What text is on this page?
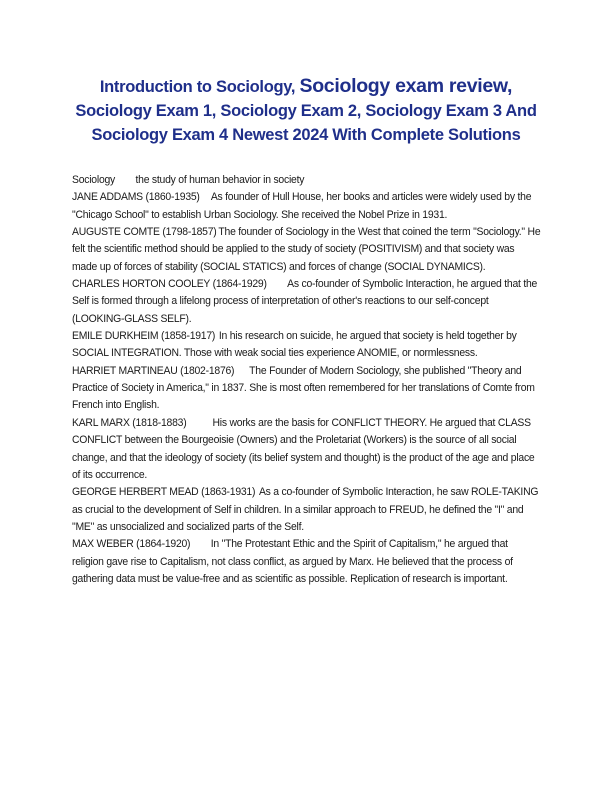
Introduction to Sociology, Sociology exam review, Sociology Exam 1, Sociology Exam 2, Sociology Exam 3 And Sociology Exam 4 Newest 2024 With Complete Solutions

Sociology the study of human behavior in society

JANE ADDAMS (1860-1935) As founder of Hull House, her books and articles were widely used by the "Chicago School" to establish Urban Sociology. She received the Nobel Prize in 1931.

AUGUSTE COMTE (1798-1857) The founder of Sociology in the West that coined the term "Sociology." He felt the scientific method should be applied to the study of society (POSITIVISM) and that society was made up of forces of stability (SOCIAL STATICS) and forces of change (SOCIAL DYNAMICS).

CHARLES HORTON COOLEY (1864-1929) As co-founder of Symbolic Interaction, he argued that the Self is formed through a lifelong process of interpretation of other's reactions to our self-concept (LOOKING-GLASS SELF).

EMILE DURKHEIM (1858-1917) In his research on suicide, he argued that society is held together by SOCIAL INTEGRATION. Those with weak social ties experience ANOMIE, or normlessness.

HARRIET MARTINEAU (1802-1876) The Founder of Modern Sociology, she published "Theory and Practice of Society in America," in 1837. She is most often remembered for her translations of Comte from French into English.

KARL MARX (1818-1883) His works are the basis for CONFLICT THEORY. He argued that CLASS CONFLICT between the Bourgeoisie (Owners) and the Proletariat (Workers) is the source of all social change, and that the ideology of society (its belief system and thought) is the product of the age and place of its occurrence.

GEORGE HERBERT MEAD (1863-1931) As a co-founder of Symbolic Interaction, he saw ROLE-TAKING as crucial to the development of Self in children. In a similar approach to FREUD, he defined the "I" and "ME" as unsocialized and socialized parts of the Self.

MAX WEBER (1864-1920) In "The Protestant Ethic and the Spirit of Capitalism," he argued that religion gave rise to Capitalism, not class conflict, as argued by Marx. He believed that the process of gathering data must be value-free and as scientific as possible. Replication of research is important.
